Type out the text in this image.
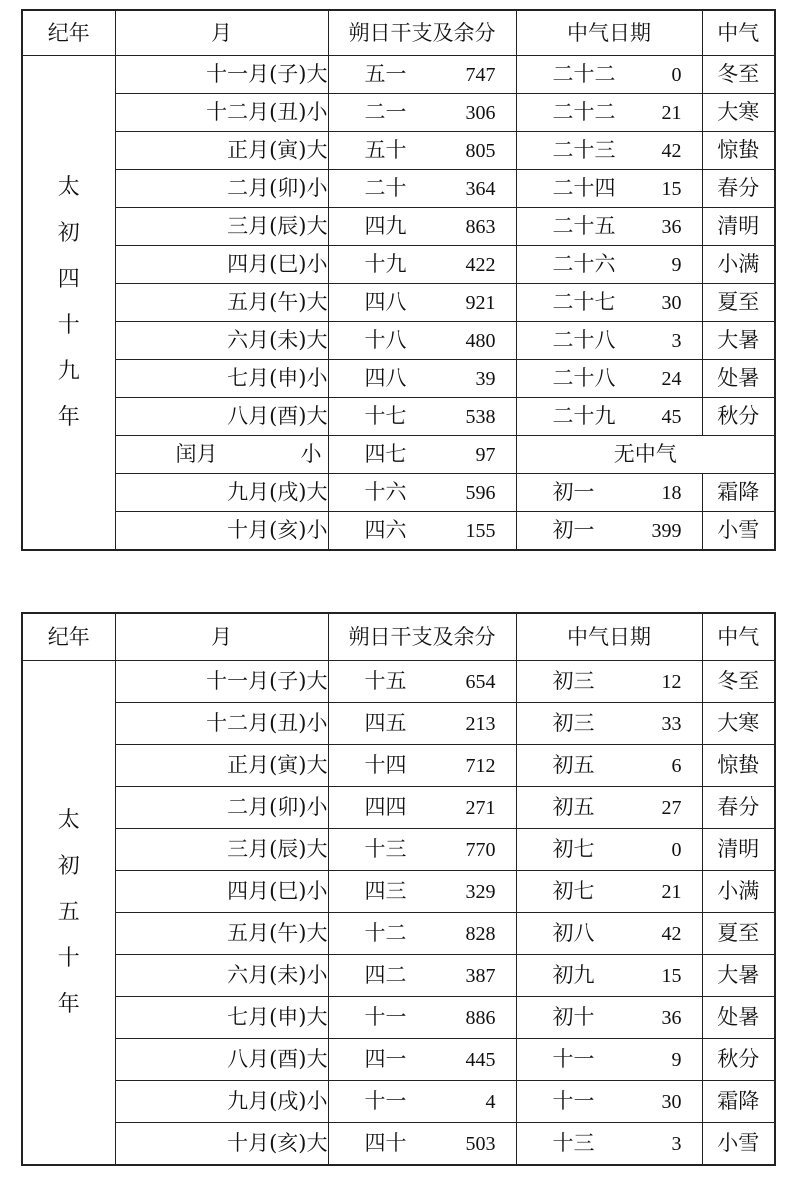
纪年	月	朔日干支及余分	中气日期	中气
太初四十九年	十一月(子)大	五一 747	二十二 0	冬至
	十二月(丑)小	二一 306	二十二 21	大寒
	正月(寅)大	五十 805	二十三 42	惊蛰
	二月(卯)小	二十 364	二十四 15	春分
	三月(辰)大	四九 863	二十五 36	清明
	四月(巳)小	十九 422	二十六 9	小满
	五月(午)大	四八 921	二十七 30	夏至
	六月(未)大	十八 480	二十八 3	大暑
	七月(申)小	四八 39	二十八 24	处暑
	八月(酉)大	十七 538	二十九 45	秋分
	闰月 小	四七 97	无中气	
	九月(戌)大	十六 596	初一 18	霜降
	十月(亥)小	四六 155	初一 399	小雪
纪年	月	朔日干支及余分	中气日期	中气
太初五十年	十一月(子)大	十五 654	初三 12	冬至
	十二月(丑)小	四五 213	初三 33	大寒
	正月(寅)大	十四 712	初五 6	惊蛰
	二月(卯)小	四四 271	初五 27	春分
	三月(辰)大	十三 770	初七 0	清明
	四月(巳)小	四三 329	初七 21	小满
	五月(午)大	十二 828	初八 42	夏至
	六月(未)小	四二 387	初九 15	大暑
	七月(申)大	十一 886	初十 36	处暑
	八月(酉)大	四一 445	十一 9	秋分
	九月(戌)小	十一 4	十一 30	霜降
	十月(亥)大	四十 503	十三 3	小雪
